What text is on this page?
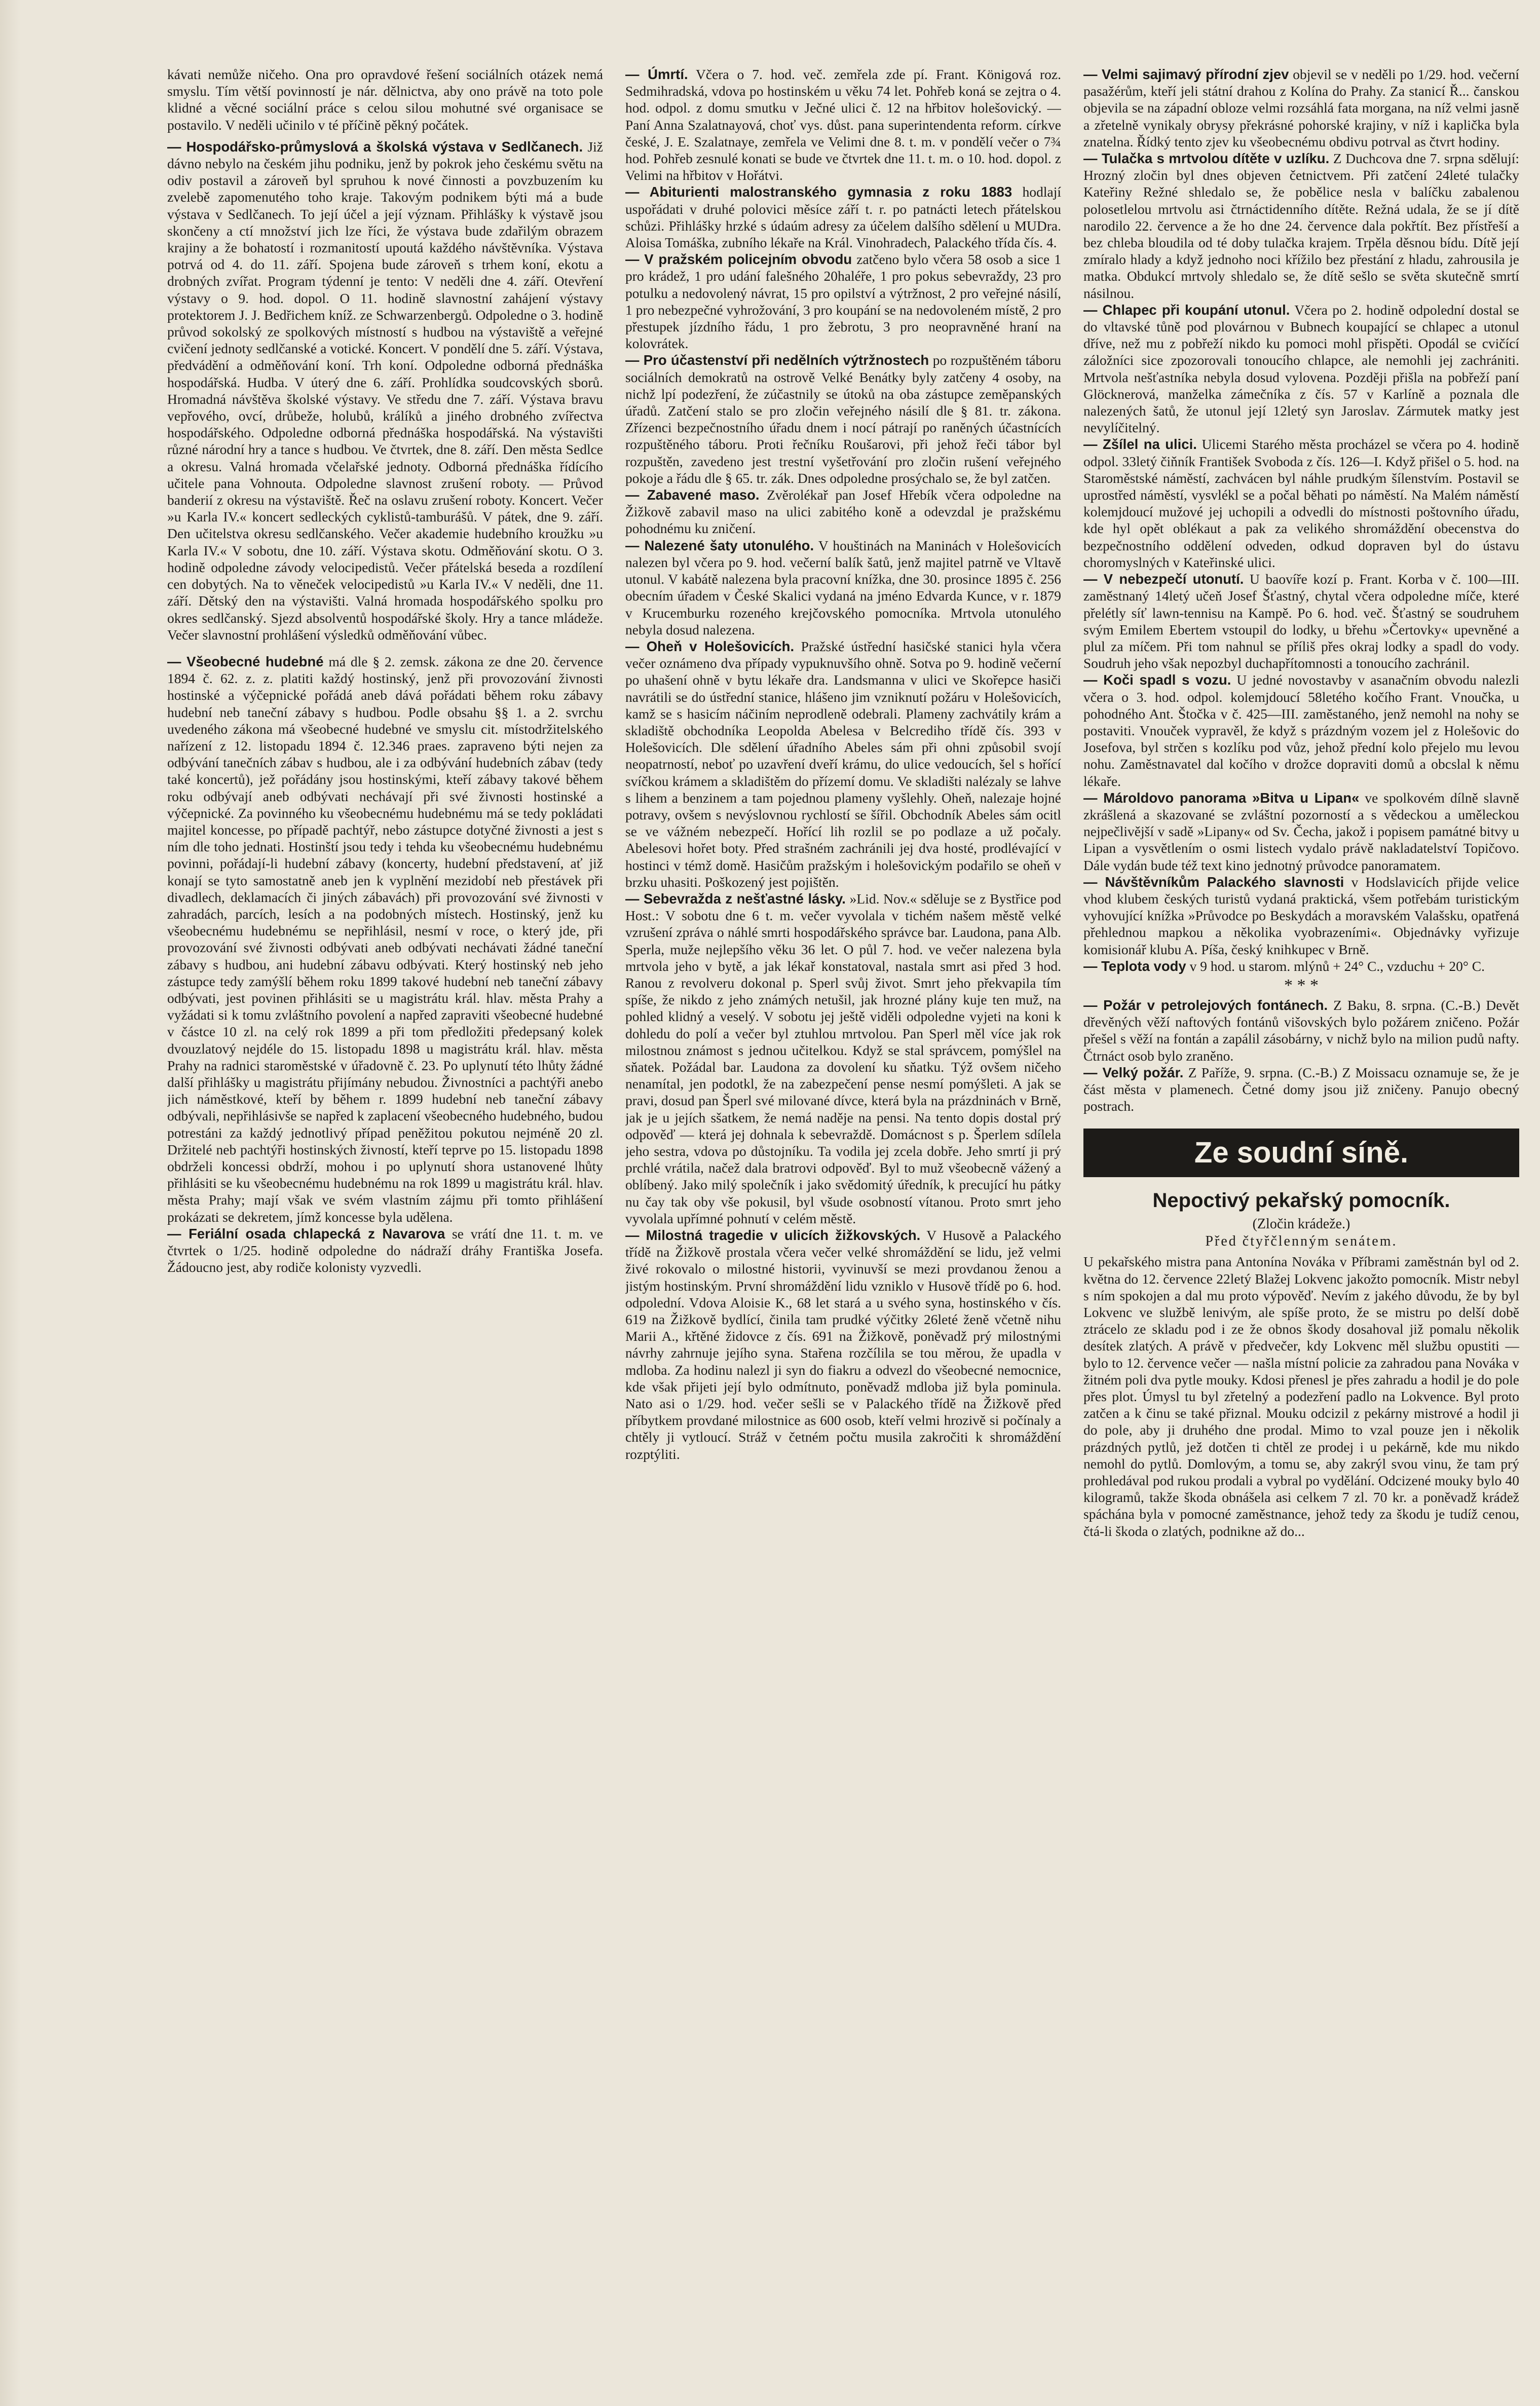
kávati nemůže ničeho. Ona pro opravdové řešení sociálních otázek nemá smyslu. Tím větší povinností je nár. dělnictva, aby ono právě na toto pole klidné a věcné sociální práce s celou silou mohutné své organisace se postavilo. V neděli učinilo v té příčině pěkný počátek.

— Hospodářsko-průmyslová a školská výstava v Sedlčanech. Již dávno nebylo na českém jihu podniku, jenž by pokrok jeho českému světu na odiv postavil a zároveň byl spruhou k nové činnosti a povzbuzením ku zvelebě zapomenutého toho kraje. Takovým podnikem býti má a bude výstava v Sedlčanech. To její účel a její význam. Přihlášky k výstavě jsou skončeny a ctí množství jich lze říci, že výstava bude zdařilým obrazem krajiny a že bohatostí i rozmanitostí upoutá každého návštěvníka. Výstava potrvá od 4. do 11. září. Spojena bude zároveň s trhem koní, ekotu a drobných zvířat. Program týdenní je tento: V neděli dne 4. září. Otevření výstavy o 9. hod. dopol. O 11. hodině slavnostní zahájení výstavy protektorem J. J. Bedřichem kníž. ze Schwarzenbergů. Odpoledne o 3. hodině průvod sokolský ze spolkových místností s hudbou na výstaviště a veřejné cvičení jednoty sedlčanské a votické. Koncert. V pondělí dne 5. září. Výstava, předvádění a odměňování koní. Trh koní. Odpoledne odborná přednáška hospodářská. Hudba. V úterý dne 6. září. Prohlídka soudcovských sborů. Hromadná návštěva školské výstavy. Ve středu dne 7. září. Výstava bravu vepřového, ovcí, drůbeže, holubů, králíků a jiného drobného zvířectva hospodářského. Odpoledne odborná přednáška hospodářská. Na výstavišti různé národní hry a tance s hudbou. Ve čtvrtek, dne 8. září. Den města Sedlce a okresu. Valná hromada včelařské jednoty. Odborná přednáška řídícího učitele pana Vohnouta. Odpoledne slavnost zrušení roboty. — Průvod banderií z okresu na výstaviště. Řeč na oslavu zrušení roboty. Koncert. Večer »u Karla IV.« koncert sedleckých cyklistů-tamburášů. V pátek, dne 9. září. Den učitelstva okresu sedlčanského. Večer akademie hudebního kroužku »u Karla IV.« V sobotu, dne 10. září. Výstava skotu. Odměňování skotu. O 3. hodině odpoledne závody velocipedistů. Večer přátelská beseda a rozdílení cen dobytých. Na to věneček velocipedistů »u Karla IV.« V neděli, dne 11. září. Dětský den na výstavišti. Valná hromada hospodářského spolku pro okres sedlčanský. Sjezd absolventů hospodářské školy. Hry a tance mládeže. Večer slavnostní prohlášení výsledků odměňování vůbec.

— Všeobecné hudebné má dle § 2. zemsk. zákona ze dne 20. července 1894 č. 62. z. z. platiti každý hostinský, jenž při provozování živnosti hostinské a výčepnické pořádá aneb dává pořádati během roku zábavy hudební neb taneční zábavy s hudbou. Podle obsahu §§ 1. a 2. svrchu uvedeného zákona má všeobecné hudebné ve smyslu cit. místodržitelského nařízení z 12. listopadu 1894 č. 12.346 praes. zapraveno býti nejen za odbývání tanečních zábav s hudbou, ale i za odbývání hudebních zábav (tedy také koncertů), jež pořádány jsou hostinskými, kteří zábavy takové během roku odbývají aneb odbývati nechávají při své živnosti hostinské a výčepnické. Za povinného ku všeobecnému hudebnému má se tedy pokládati majitel koncesse, po případě pachtýř, nebo zástupce dotyčné živnosti a jest s ním dle toho jednati. Hostinští jsou tedy i tehda ku všeobecnému hudebnému povinni, pořádají-li hudební zábavy (koncerty, hudební představení, ať již konají se tyto samostatně aneb jen k vyplnění mezidobí neb přestávek při divadlech, deklamacích či jiných zábavách) při provozování své živnosti v zahradách, parcích, lesích a na podobných místech. Hostinský, jenž ku všeobecnému hudebnému se nepřihlásil, nesmí v roce, o který jde, při provozování své živnosti odbývati aneb odbývati nechávati žádné taneční zábavy s hudbou, ani hudební zábavu odbývati. Který hostinský neb jeho zástupce tedy zamýšlí během roku 1899 takové hudební neb taneční zábavy odbývati, jest povinen přihlásiti se u magistrátu král. hlav. města Prahy a vyžádati si k tomu zvláštního povolení a napřed zapraviti všeobecné hudebné v částce 10 zl. na celý rok 1899 a při tom předložiti předepsaný kolek dvouzlatový nejdéle do 15. listopadu 1898 u magistrátu král. hlav. města Prahy na radnici staroměstské v úřadovně č. 23. Po uplynutí této lhůty žádné další přihlášky u magistrátu přijímány nebudou. Živnostníci a pachtýři anebo jich náměstkové, kteří by během r. 1899 hudební neb taneční zábavy odbývali, nepřihlásivše se napřed k zaplacení všeobecného hudebného, budou potrestáni za každý jednotlivý případ peněžitou pokutou nejméně 20 zl. Držitelé neb pachtýři hostinských živností, kteří teprve po 15. listopadu 1898 obdrželi koncessi obdrží, mohou i po uplynutí shora ustanovené lhůty přihlásiti se ku všeobecnému hudebnému na rok 1899 u magistrátu král. hlav. města Prahy; mají však ve svém vlastním zájmu při tomto přihlášení prokázati se dekretem, jímž koncesse byla udělena.

— Feriální osada chlapecká z Navarova se vrátí dne 11. t. m. ve čtvrtek o 1/25. hodině odpoledne do nádraží dráhy Františka Josefa. Žádoucno jest, aby rodiče kolonisty vyzvedli.

— Úmrtí. Včera o 7. hod. več. zemřela zde pí. Frant. Königová roz. Sedmihradská, vdova po hostinském u věku 74 let. Pohřeb koná se zejtra o 4. hod. odpol. z domu smutku v Ječné ulici č. 12 na hřbitov holešovický. — Paní Anna Szalatnayová, choť vys. důst. pana superintendenta reform. církve české, J. E. Szalatnaye, zemřela ve Velimi dne 8. t. m. v pondělí večer o 7¾ hod. Pohřeb zesnulé konati se bude ve čtvrtek dne 11. t. m. o 10. hod. dopol. z Velimi na hřbitov v Hořátvi.

— Abiturienti malostranského gymnasia z roku 1883 hodlají uspořádati v druhé polovici měsíce září t. r. po patnácti letech přátelskou schůzi. Přihlášky hrzké s údaúm adresy za účelem dalšího sdělení u MUDra. Aloisa Tomáška, zubního lékaře na Král. Vinohradech, Palackého třída čís. 4.

— V pražském policejním obvodu zatčeno bylo včera 58 osob a sice 1 pro krádež, 1 pro udání falešného 20haléře, 1 pro pokus sebevraždy, 23 pro potulku a nedovolený návrat, 15 pro opilství a výtržnost, 2 pro veřejné násilí, 1 pro nebezpečné vyhrožování, 3 pro koupání se na nedovoleném místě, 2 pro přestupek jízdního řádu, 1 pro žebrotu, 3 pro neopravněné hraní na kolovrátek.

— Pro účastenství při nedělních výtržnostech po rozpuštěném táboru sociálních demokratů na ostrově Velké Benátky byly zatčeny 4 osoby, na nichž lpí podezření, že zúčastnily se útoků na oba zástupce zeměpanských úřadů. Zatčení stalo se pro zločin veřejného násilí dle § 81. tr. zákona. Zřízenci bezpečnostního úřadu dnem i nocí pátrají po raněných účastnících rozpuštěného táboru. Proti řečníku Roušarovi, při jehož řeči tábor byl rozpuštěn, zavedeno jest trestní vyšetřování pro zločin rušení veřejného pokoje a řádu dle § 65. tr. zák. Dnes odpoledne prosýchalo se, že byl zatčen.

— Zabavené maso. Zvěrolékař pan Josef Hřebík včera odpoledne na Žižkově zabavil maso na ulici zabitého koně a odevzdal je pražskému pohodnému ku zničení.

— Nalezené šaty utonulého. V houštinách na Maninách v Holešovicích nalezen byl včera po 9. hod. večerní balík šatů, jenž majitel patrně ve Vltavě utonul. V kabátě nalezena byla pracovní knížka, dne 30. prosince 1895 č. 256 obecním úřadem v České Skalici vydaná na jméno Edvarda Kunce, v r. 1879 v Krucemburku rozeného krejčovského pomocníka. Mrtvola utonulého nebyla dosud nalezena.

— Oheň v Holešovicích. Pražské ústřední hasičské stanici hyla včera večer oznámeno dva případy vypuknuvšího ohně. Sotva po 9. hodině večerní po uhašení ohně v bytu lékaře dra. Landsmanna v ulici ve Skořepce hasiči navrátili se do ústřední stanice, hlášeno jim vzniknutí požáru v Holešovicích, kamž se s hasicím náčiním neprodleně odebrali. Plameny zachvátily krám a skladiště obchodníka Leopolda Abelesa v Belcrediho třídě čís. 393 v Holešovicích. Dle sdělení úřadního Abeles sám při ohni způsobil svojí neopatrností, neboť po uzavření dveří krámu, do ulice vedoucích, šel s hořící svíčkou krámem a skladištěm do přízemí domu. Ve skladišti nalézaly se lahve s lihem a benzinem a tam pojednou plameny vyšlehly. Oheň, nalezaje hojné potravy, ovšem s nevýslovnou rychlostí se šířil. Obchodník Abeles sám ocitl se ve vážném nebezpečí. Hořící lih rozlil se po podlaze a už počaly. Abelesovi hořet boty. Před strašném zachránili jej dva hosté, prodlévající v hostinci v témž domě. Hasičům pražským i holešovickým podařilo se oheň v brzku uhasiti. Poškozený jest pojištěn.

— Sebevražda z nešťastné lásky. »Lid. Nov.« sděluje se z Bystřice pod Host.: V sobotu dne 6 t. m. večer vyvolala v tichém našem městě velké vzrušení zpráva o náhlé smrti hospodářského správce bar. Laudona, pana Alb. Sperla, muže nejlepšího věku 36 let. O půl 7. hod. ve večer nalezena byla mrtvola jeho v bytě, a jak lékař konstatoval, nastala smrt asi před 3 hod. Ranou z revolveru dokonal p. Sperl svůj život. Smrt jeho překvapila tím spíše, že nikdo z jeho známých netušil, jak hrozné plány kuje ten muž, na pohled klidný a veselý. V sobotu jej ještě viděli odpoledne vyjeti na koni k dohledu do polí a večer byl ztuhlou mrtvolou. Pan Sperl měl více jak rok milostnou známost s jednou učitelkou. Když se stal správcem, pomýšlel na sňatek. Požádal bar. Laudona za dovolení ku sňatku. Týž ovšem ničeho nenamítal, jen podotkl, že na zabezpečení pense nesmí pomýšleti. A jak se pravi, dosud pan Šperl své milované dívce, která byla na prázdninách v Brně, jak je u jejích sšatkem, že nemá naděje na pensi. Na tento dopis dostal prý odpověď — která jej dohnala k sebevraždě. Domácnost s p. Šperlem sdílela jeho sestra, vdova po důstojníku. Ta vodila jej zcela dobře. Jeho smrtí ji prý prchlé vrátila, načež dala bratrovi odpověď. Byl to muž všeobecně vážený a oblíbený. Jako milý společník i jako svědomitý úředník, k precující hu pátky nu čay tak oby vše pokusil, byl všude osobností vítanou. Proto smrt jeho vyvolala upřímné pohnutí v celém městě.

— Milostná tragedie v ulicích žižkovských. V Husově a Palackého třídě na Žižkově prostala včera večer velké shromáždění se lidu, jež velmi živé rokovalo o milostné historii, vyvinuvší se mezi provdanou ženou a jistým hostinským. První shromáždění lidu vzniklo v Husově třídě po 6. hod. odpolední. Vdova Aloisie K., 68 let stará a u svého syna, hostinského v čís. 619 na Žižkově bydlící, činila tam prudké výčitky 26leté ženě včetně nihu Marii A., křtěné židovce z čís. 691 na Žižkově, poněvadž prý milostnými návrhy zahrnuje jejího syna. Stařena rozčílila se tou měrou, že upadla v mdloba. Za hodinu nalezl ji syn do fiakru a odvezl do všeobecné nemocnice, kde však přijeti její bylo odmítnuto, poněvadž mdloba již byla pominula. Nato asi o 1/29. hod. večer sešli se v Palackého třídě na Žižkově před příbytkem provdané milostnice as 600 osob, kteří velmi hrozivě si počínaly a chtěly ji vytloucí. Stráž v četném počtu musila zakročiti k shromáždění rozptýliti.

— Velmi sajimavý přírodní zjev objevil se v neděli po 1/29. hod. večerní pasažérům, kteří jeli státní drahou z Kolína do Prahy. Za stanicí Ř... čanskou objevila se na západní obloze velmi rozsáhlá fata morgana, na níž velmi jasně a zřetelně vynikaly obrysy překrásné pohorské krajiny, v níž i kaplička byla znatelna. Řídký tento zjev ku všeobecnému obdivu potrval as čtvrt hodiny.

— Tulačka s mrtvolou dítěte v uzlíku. Z Duchcova dne 7. srpna sdělují: Hrozný zločin byl dnes objeven četnictvem. Při zatčení 24leté tulačky Kateřiny Režné shledalo se, že pobělice nesla v balíčku zabalenou polosetlelou mrtvolu asi čtrnáctidenního dítěte. Režná udala, že se jí dítě narodilo 22. července a že ho dne 24. července dala pokřtít. Bez přístřeší a bez chleba bloudila od té doby tulačka krajem. Trpěla děsnou bídu. Dítě její zmíralo hlady a když jednoho noci křížilo bez přestání z hladu, zahrousila je matka. Obdukcí mrtvoly shledalo se, že dítě sešlo se světa skutečně smrtí násilnou.

— Chlapec při koupání utonul. Včera po 2. hodině odpolední dostal se do vltavské tůně pod plovárnou v Bubnech koupající se chlapec a utonul dříve, než mu z pobřeží nikdo ku pomoci mohl přispěti. Opodál se cvičící záložníci sice zpozorovali tonoucího chlapce, ale nemohli jej zachrániti. Mrtvola nešťastníka nebyla dosud vylovena. Později přišla na pobřeží paní Glöcknerová, manželka zámečníka z čís. 57 v Karlíně a poznala dle nalezených šatů, že utonul její 12letý syn Jaroslav. Zármutek matky jest nevylíčitelný.

— Zšílel na ulici. Ulicemi Starého města procházel se včera po 4. hodině odpol. 33letý čiňník František Svoboda z čís. 126—I. Když přišel o 5. hod. na Staroměstské náměstí, zachvácen byl náhle prudkým šílenstvím. Postavil se uprostřed náměstí, vysvlékl se a počal běhati po náměstí. Na Malém náměstí kolemjdoucí mužové jej uchopili a odvedli do místnosti poštovního úřadu, kde hyl opět oblékaut a pak za velikého shromáždění obecenstva do bezpečnostního oddělení odveden, odkud dopraven byl do ústavu choromyslných v Kateřinské ulici.

— V nebezpečí utonutí. U baovíře kozí p. Frant. Korba v č. 100—III. zaměstnaný 14letý učeň Josef Šťastný, chytal včera odpoledne míče, které přelétly síť lawn-tennisu na Kampě. Po 6. hod. več. Šťastný se soudruhem svým Emilem Ebertem vstoupil do lodky, u břehu »Čertovky« upevněné a plul za míčem. Při tom nahnul se příliš přes okraj lodky a spadl do vody. Soudruh jeho však nepozbyl duchapřítomnosti a tonoucího zachránil.

— Koči spadl s vozu. U jedné novostavby v asanačním obvodu nalezli včera o 3. hod. odpol. kolemjdoucí 58letého kočího Frant. Vnoučka, u pohodného Ant. Štočka v č. 425—III. zaměstaného, jenž nemohl na nohy se postaviti. Vnouček vypravěl, že když s prázdným vozem jel z Holešovic do Josefova, byl strčen s kozlíku pod vůz, jehož přední kolo přejelo mu levou nohu. Zaměstnavatel dal kočího v drožce dopraviti domů a obcslal k němu lékaře.

— Mároldovo panorama »Bitva u Lipan« ve spolkovém dílně slavně zkrášlená a skazované se zvláštní pozorností a s vědeckou a uměleckou nejpečlivější v sadě »Lipany« od Sv. Čecha, jakož i popisem památné bitvy u Lipan a vysvětlením o osmi listech vydalo právě nakladatelství Topičovo. Dále vydán bude též text kino jednotný průvodce panoramatem.

— Návštěvníkům Palackého slavnosti v Hodslavicích přijde velice vhod klubem českých turistů vydaná praktická, všem potřebám turistickým vyhovující knížka »Průvodce po Beskydách a moravském Valašsku, opatřená přehlednou mapkou a několika vyobrazeními«. Objednávky vyřizuje komisionář klubu A. Píša, český knihkupec v Brně.

— Teplota vody v 9 hod. u starom. mlýnů + 24° C., vzduchu + 20° C.

* * *

— Požár v petrolejových fontánech. Z Baku, 8. srpna. (C.-B.) Devět dřevěných věží naftových fontánů višovských bylo požárem zničeno. Požár přešel s věží na fontán a zapálil zásobárny, v nichž bylo na milion pudů nafty. Čtrnáct osob bylo zraněno.

— Velký požár. Z Paříže, 9. srpna. (C.-B.) Z Moissacu oznamuje se, že je část města v plamenech. Četné domy jsou již zničeny. Panujo obecný postrach.

Ze soudní síně.
Nepoctivý pekařský pomocník.

(Zločin krádeže.)

Před čtyřčlenným senátem.

U pekařského mistra pana Antonína Nováka v Příbrami zaměstnán byl od 2. května do 12. července 22letý Blažej Lokvenc jakožto pomocník. Mistr nebyl s ním spokojen a dal mu proto výpověď. Nevím z jakého důvodu, že by byl Lokvenc ve službě lenivým, ale spíše proto, že se mistru po delší době ztrácelo ze skladu pod i ze že obnos škody dosahoval již pomalu několik desítek zlatých. A právě v předvečer, kdy Lokvenc měl službu opustiti — bylo to 12. července večer — našla místní policie za zahradou pana Nováka v žitném poli dva pytle mouky. Kdosi přenesl je přes zahradu a hodil je do pole přes plot. Úmysl tu byl zřetelný a podezření padlo na Lokvence. Byl proto zatčen a k činu se také přiznal. Mouku odcizil z pekárny mistrové a hodil ji do pole, aby ji druhého dne prodal. Mimo to vzal pouze jen i několik prázdných pytlů, jež dotčen ti chtěl ze prodej i u pekárně, kde mu nikdo nemohl do pytlů. Domlovým, a tomu se, aby zakrýl svou vinu, že tam prý prohledával pod rukou prodali a vybral po vydělání. Odcizené mouky bylo 40 kilogramů, takže škoda obnášela asi celkem 7 zl. 70 kr. a poněvadž krádež spáchána byla v pomocné zaměstnance, jehož tedy za škodu je tudíž cenou, čtá-li škoda o zlatých, podnikne až do...
